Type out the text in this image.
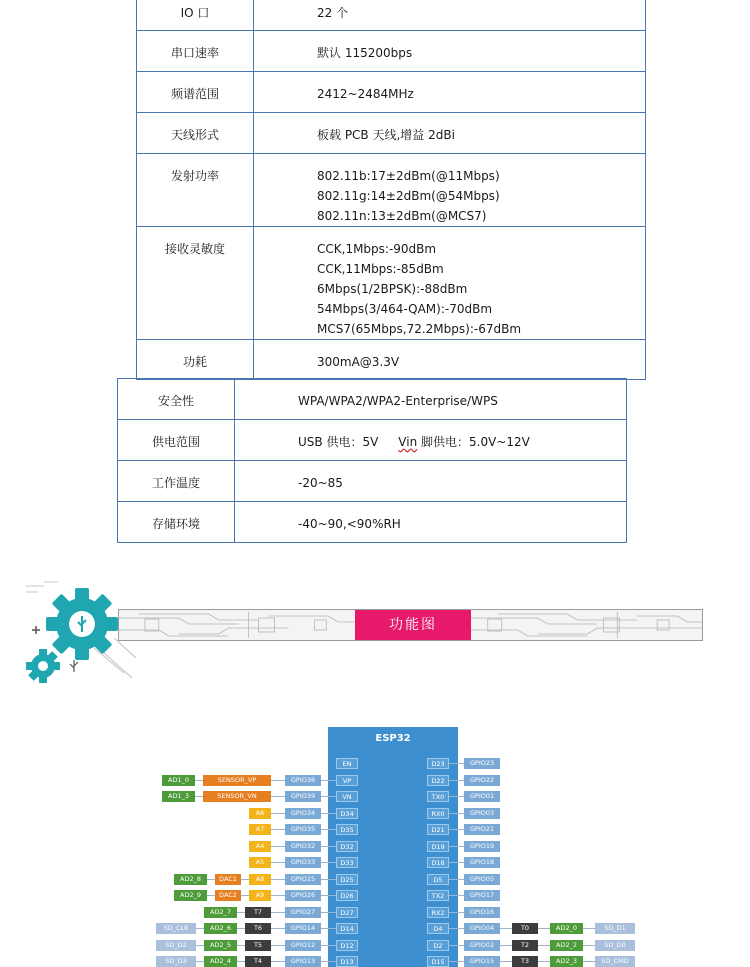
IO 口	22 个

串口速率	默认 115200bps

频谱范围	2412~2484MHz

天线形式	板载 PCB 天线,增益 2dBi

发射功率	802.11b:17±2dBm(@11Mbps)
802.11g:14±2dBm(@54Mbps)
802.11n:13±2dBm(@MCS7)

接收灵敏度	CCK,1Mbps:-90dBm
CCK,11Mbps:-85dBm
6Mbps(1/2BPSK):-88dBm
54Mbps(3/464-QAM):-70dBm
MCS7(65Mbps,72.2Mbps):-67dBm

功耗	300mA@3.3V
安全性	WPA/WPA2/WPA2-Enterprise/WPS

供电范围	USB 供电：5V Vin 脚供电：5.0V~12V

工作温度	-20~85

存储环境	-40~90,<90%RH
功能图
ESP32
EN	D23	GPIO23
VP	D22
GPIO36	GPIO22
SENSOR_VP
AD1_0
VN	TX0
GPIO39	GPIO01
SENSOR_VN
AD1_3
D34	RX0
GPIO34	GPIO03
A6
D35	D21
GPIO35	GPIO21
A7
D32	D19
GPIO32	GPIO19
A4
D33	D18
GPIO33	GPIO18
A5
D25	D5
GPIO25	GPIO05
A8
DAC1
AD2_8
D26	TX2
GPIO26	GPIO17
A9
DAC2
AD2_9
D27	RX2
GPIO27	GPIO16
T7
AD2_7
D14	D4
GPIO14	GPIO04
T6
AD2_6
SD_CLK	T0	AD2_0	SD_D1
D12	D2
GPIO12	GPIO02
T5
AD2_5
SD_D2	T2	AD2_2	SD_D0
D13	D15
GPIO13	GPIO15
T4
AD2_4
SD_D3	T3	AD2_3	SD_CMD
